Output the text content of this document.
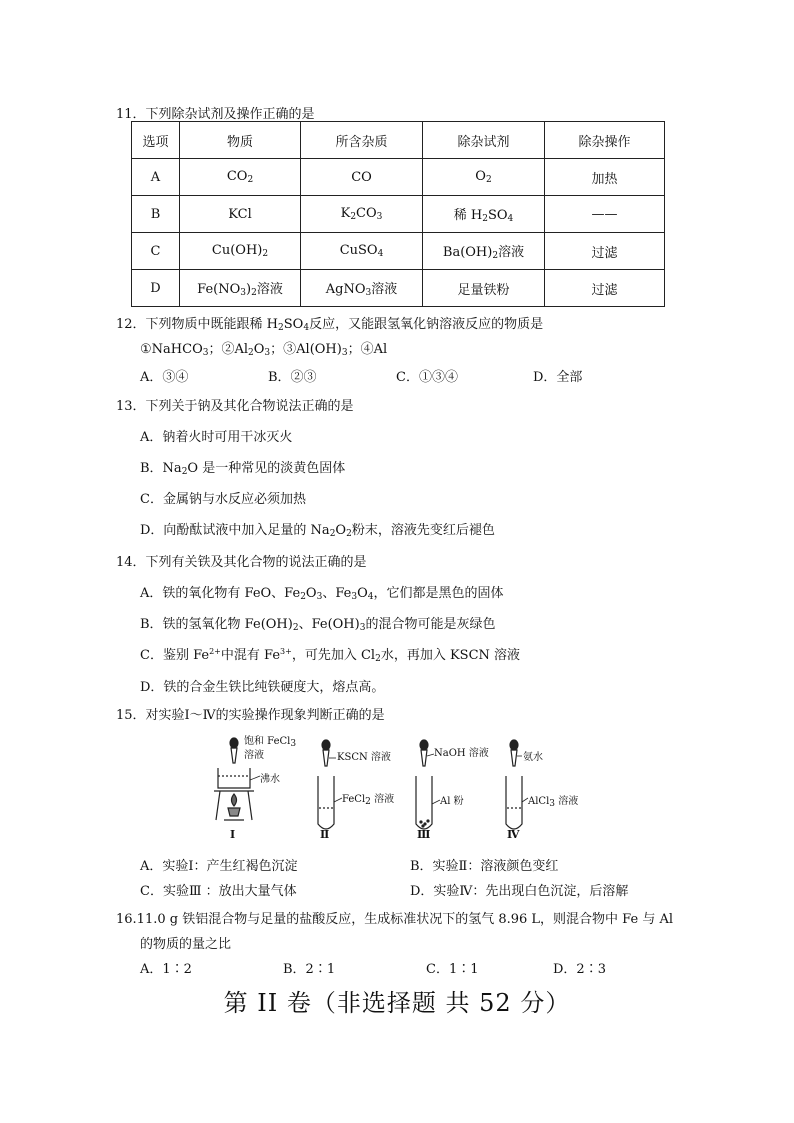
11．下列除杂试剂及操作正确的是
选项	物质	所含杂质	除杂试剂	除杂操作
A	$CO_2$	CO	$O_2$	加热
B	KCl	$K_2CO_3$	稀 $H_2SO_4$	——
C	$Cu(OH)_2$	CuSO$_4$	$Ba(OH)_2$溶液	过滤
D	$Fe(NO_3)_2$溶液	AgNO$_3$溶液	足量铁粉	过滤
12．下列物质中既能跟稀 $H_2SO_4$反应，又能跟氢氧化钠溶液反应的物质是
①NaHCO$_3$；$②Al_2O_3$；$③Al(OH)_3$；④Al
A．③④	B．②③	C．①③④	D．全部
13．下列关于钠及其化合物说法正确的是
A．钠着火时可用干冰灭火
B．$Na_2O$ 是一种常见的淡黄色固体
C．金属钠与水反应必须加热
D．向酚酞试液中加入足量的 $Na_2O_2$粉末，溶液先变红后褪色
14．下列有关铁及其化合物的说法正确的是
A．铁的氧化物有 FeO、$Fe_2O_3$、$Fe_3O_4$，它们都是黑色的固体
B．铁的氢氧化物 $Fe(OH)_2$、$Fe(OH)_3$的混合物可能是灰绿色
C．鉴别 $Fe^{2+}$中混有 $Fe^{3+}$，可先加入 $Cl_2$水，再加入 KSCN 溶液
D．铁的合金生铁比纯铁硬度大，熔点高。
15．对实验Ⅰ～Ⅳ的实验操作现象判断正确的是
饱和 FeCl$_3$
溶液
沸水
KSCN 溶液
FeCl$_2$ 溶液
NaOH 溶液
Al 粉
氨水
AlCl$_3$ 溶液
Ⅰ	Ⅱ	Ⅲ	Ⅳ
A．实验Ⅰ：产生红褐色沉淀	B．实验Ⅱ：溶液颜色变红
C．实验Ⅲ ：放出大量气体	D．实验Ⅳ：先出现白色沉淀，后溶解
16.11.0 g 铁铝混合物与足量的盐酸反应，生成标准状况下的氢气 8.96 L，则混合物中 Fe 与 Al
的物质的量之比
A．1∶2	B．2∶1	C．1∶1	D．2∶3
第 II 卷（非选择题 共 52 分）
